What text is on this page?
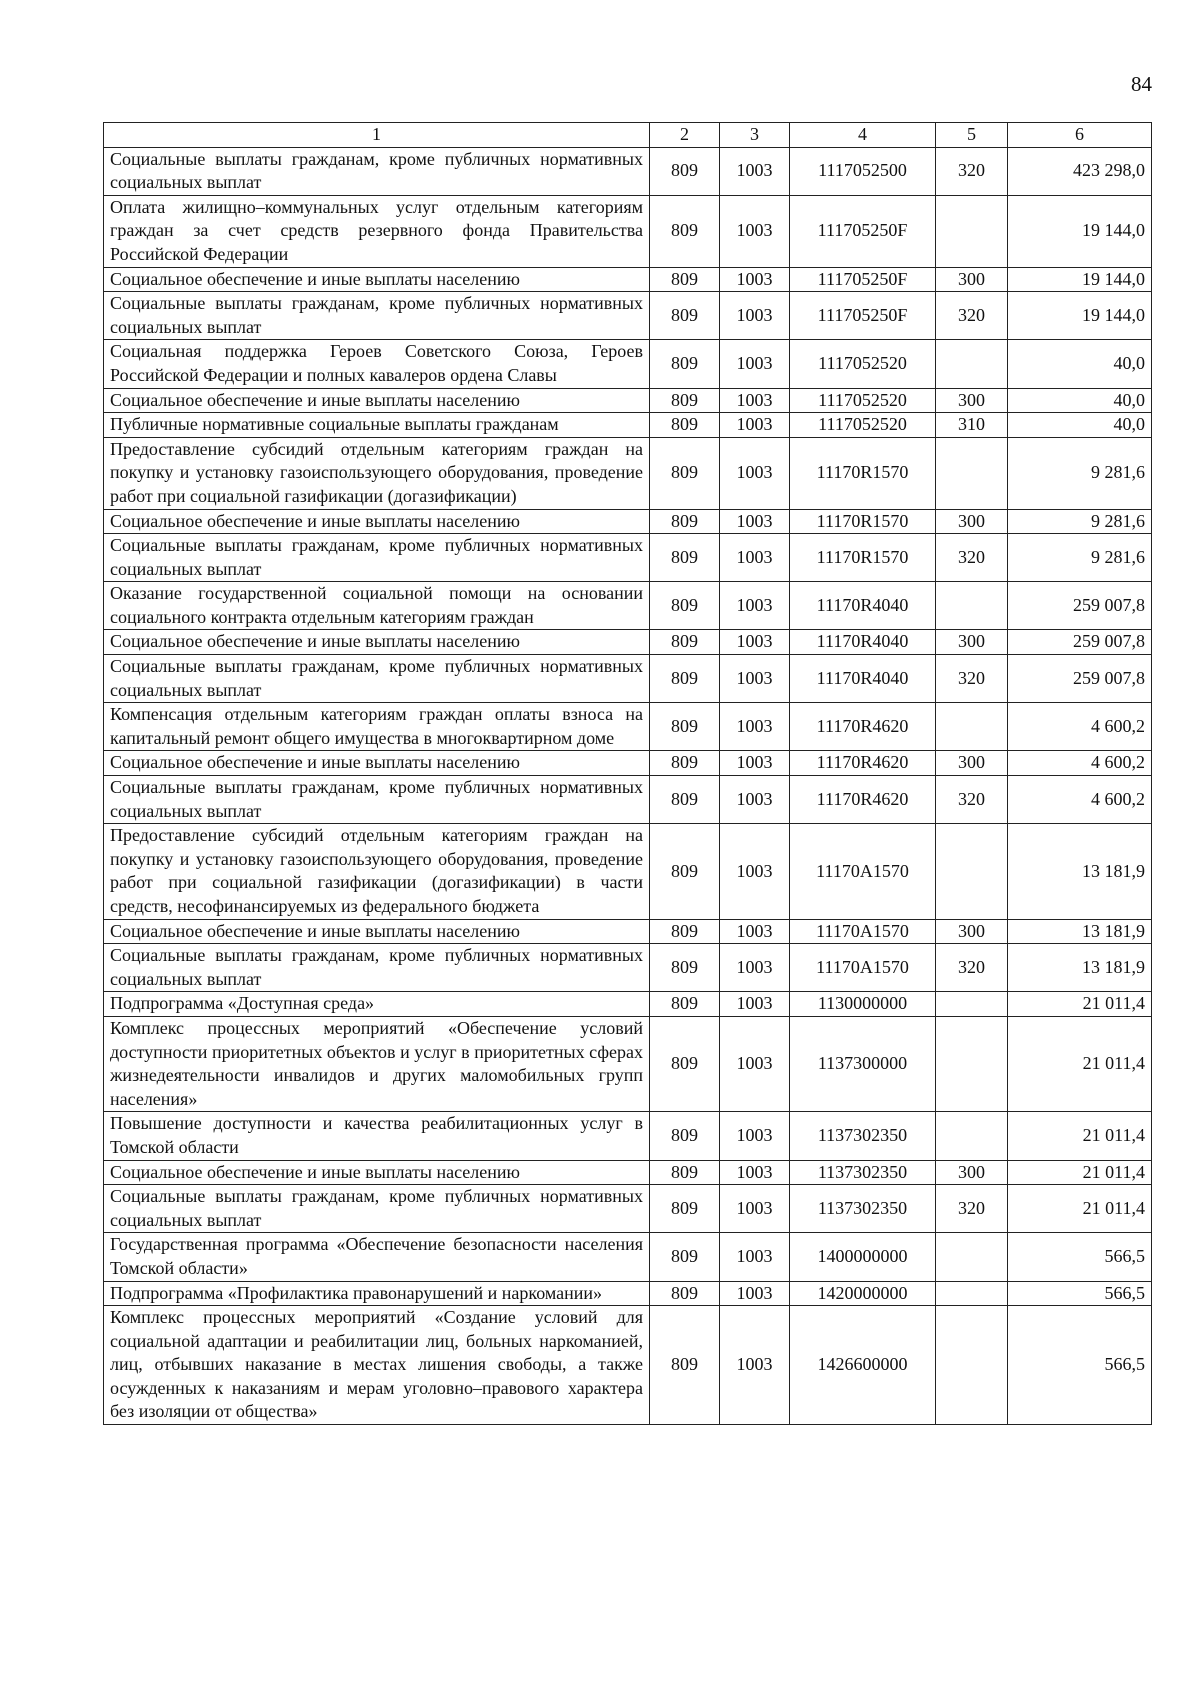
84
1	2	3	4	5	6
Социальные выплаты гражданам, кроме публичных нормативных социальных выплат	809	1003	1117052500	320	423 298,0
Оплата жилищно–коммунальных услуг отдельным категориям граждан за счет средств резервного фонда Правительства Российской Федерации	809	1003	111705250F		19 144,0
Социальное обеспечение и иные выплаты населению	809	1003	111705250F	300	19 144,0
Социальные выплаты гражданам, кроме публичных нормативных социальных выплат	809	1003	111705250F	320	19 144,0
Социальная поддержка Героев Советского Союза, Героев Российской Федерации и полных кавалеров ордена Славы	809	1003	1117052520		40,0
Социальное обеспечение и иные выплаты населению	809	1003	1117052520	300	40,0
Публичные нормативные социальные выплаты гражданам	809	1003	1117052520	310	40,0
Предоставление субсидий отдельным категориям граждан на покупку и установку газоиспользующего оборудования, проведение работ при социальной газификации (догазификации)	809	1003	11170R1570		9 281,6
Социальное обеспечение и иные выплаты населению	809	1003	11170R1570	300	9 281,6
Социальные выплаты гражданам, кроме публичных нормативных социальных выплат	809	1003	11170R1570	320	9 281,6
Оказание государственной социальной помощи на основании социального контракта отдельным категориям граждан	809	1003	11170R4040		259 007,8
Социальное обеспечение и иные выплаты населению	809	1003	11170R4040	300	259 007,8
Социальные выплаты гражданам, кроме публичных нормативных социальных выплат	809	1003	11170R4040	320	259 007,8
Компенсация отдельным категориям граждан оплаты взноса на капитальный ремонт общего имущества в многоквартирном доме	809	1003	11170R4620		4 600,2
Социальное обеспечение и иные выплаты населению	809	1003	11170R4620	300	4 600,2
Социальные выплаты гражданам, кроме публичных нормативных социальных выплат	809	1003	11170R4620	320	4 600,2
Предоставление субсидий отдельным категориям граждан на покупку и установку газоиспользующего оборудования, проведение работ при социальной газификации (догазификации) в части средств, несофинансируемых из федерального бюджета	809	1003	11170A1570		13 181,9
Социальное обеспечение и иные выплаты населению	809	1003	11170A1570	300	13 181,9
Социальные выплаты гражданам, кроме публичных нормативных социальных выплат	809	1003	11170A1570	320	13 181,9
Подпрограмма «Доступная среда»	809	1003	1130000000		21 011,4
Комплекс процессных мероприятий «Обеспечение условий доступности приоритетных объектов и услуг в приоритетных сферах жизнедеятельности инвалидов и других маломобильных групп населения»	809	1003	1137300000		21 011,4
Повышение доступности и качества реабилитационных услуг в Томской области	809	1003	1137302350		21 011,4
Социальное обеспечение и иные выплаты населению	809	1003	1137302350	300	21 011,4
Социальные выплаты гражданам, кроме публичных нормативных социальных выплат	809	1003	1137302350	320	21 011,4
Государственная программа «Обеспечение безопасности населения Томской области»	809	1003	1400000000		566,5
Подпрограмма «Профилактика правонарушений и наркомании»	809	1003	1420000000		566,5
Комплекс процессных мероприятий «Создание условий для социальной адаптации и реабилитации лиц, больных наркоманией, лиц, отбывших наказание в местах лишения свободы, а также осужденных к наказаниям и мерам уголовно–правового характера без изоляции от общества»	809	1003	1426600000		566,5
